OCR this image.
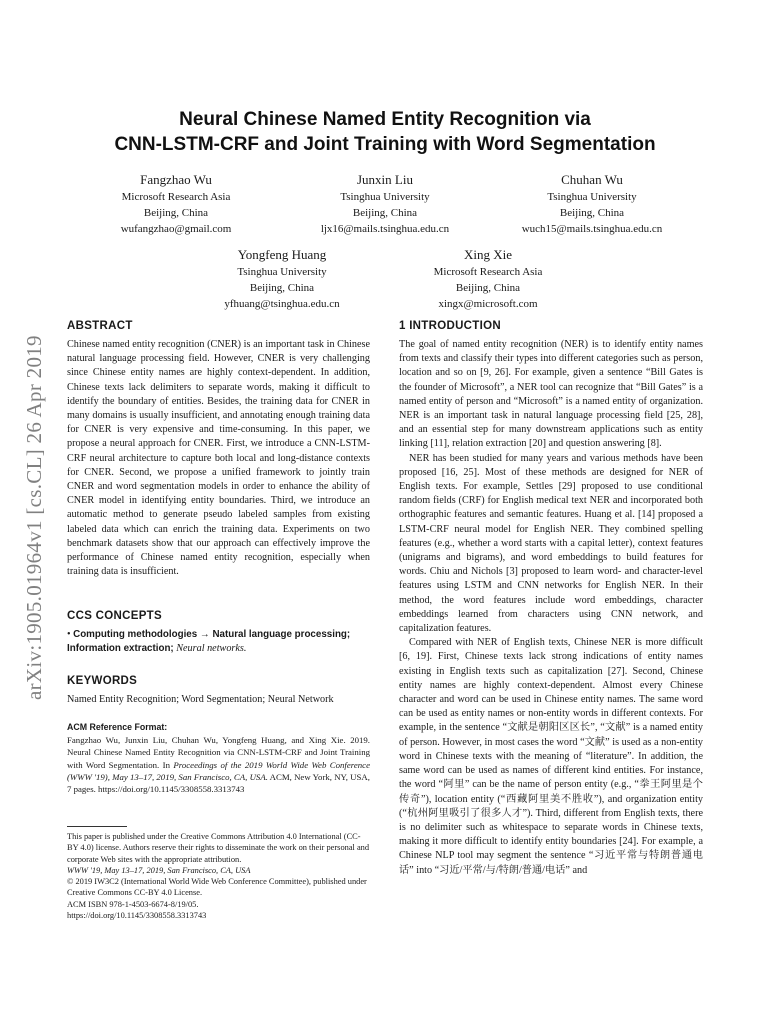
arXiv:1905.01964v1 [cs.CL] 26 Apr 2019
Neural Chinese Named Entity Recognition via
CNN-LSTM-CRF and Joint Training with Word Segmentation
Fangzhao Wu
Microsoft Research Asia
Beijing, China
wufangzhao@gmail.com
Junxin Liu
Tsinghua University
Beijing, China
ljx16@mails.tsinghua.edu.cn
Chuhan Wu
Tsinghua University
Beijing, China
wuch15@mails.tsinghua.edu.cn
Yongfeng Huang
Tsinghua University
Beijing, China
yfhuang@tsinghua.edu.cn
Xing Xie
Microsoft Research Asia
Beijing, China
xingx@microsoft.com
ABSTRACT

Chinese named entity recognition (CNER) is an important task in Chinese natural language processing field. However, CNER is very challenging since Chinese entity names are highly context-dependent. In addition, Chinese texts lack delimiters to separate words, making it difficult to identify the boundary of entities. Besides, the training data for CNER in many domains is usually insufficient, and annotating enough training data for CNER is very expensive and time-consuming. In this paper, we propose a neural approach for CNER. First, we introduce a CNN-LSTM-CRF neural architecture to capture both local and long-distance contexts for CNER. Second, we propose a unified framework to jointly train CNER and word segmentation models in order to enhance the ability of CNER model in identifying entity boundaries. Third, we introduce an automatic method to generate pseudo labeled samples from existing labeled data which can enrich the training data. Experiments on two benchmark datasets show that our approach can effectively improve the performance of Chinese named entity recognition, especially when training data is insufficient.

CCS CONCEPTS

• Computing methodologies → Natural language processing; Information extraction; Neural networks.

KEYWORDS

Named Entity Recognition; Word Segmentation; Neural Network

ACM Reference Format:

Fangzhao Wu, Junxin Liu, Chuhan Wu, Yongfeng Huang, and Xing Xie. 2019. Neural Chinese Named Entity Recognition via CNN-LSTM-CRF and Joint Training with Word Segmentation. In Proceedings of the 2019 World Wide Web Conference (WWW '19), May 13–17, 2019, San Francisco, CA, USA. ACM, New York, NY, USA, 7 pages. https://doi.org/10.1145/3308558.3313743

This paper is published under the Creative Commons Attribution 4.0 International (CC-BY 4.0) license. Authors reserve their rights to disseminate the work on their personal and corporate Web sites with the appropriate attribution.

WWW '19, May 13–17, 2019, San Francisco, CA, USA

© 2019 IW3C2 (International World Wide Web Conference Committee), published under Creative Commons CC-BY 4.0 License.

ACM ISBN 978-1-4503-6674-8/19/05.

https://doi.org/10.1145/3308558.3313743

1 INTRODUCTION

The goal of named entity recognition (NER) is to identify entity names from texts and classify their types into different categories such as person, location and so on [9, 26]. For example, given a sentence “Bill Gates is the founder of Microsoft”, a NER tool can recognize that “Bill Gates” is a named entity of person and “Microsoft” is a named entity of organization. NER is an important task in natural language processing field [25, 28], and an essential step for many downstream applications such as entity linking [11], relation extraction [20] and question answering [8].

NER has been studied for many years and various methods have been proposed [16, 25]. Most of these methods are designed for NER of English texts. For example, Settles [29] proposed to use conditional random fields (CRF) for English medical text NER and incorporated both orthographic features and semantic features. Huang et al. [14] proposed a LSTM-CRF neural model for English NER. They combined spelling features (e.g., whether a word starts with a capital letter), context features (unigrams and bigrams), and word embeddings to build features for words. Chiu and Nichols [3] proposed to learn word- and character-level features using LSTM and CNN networks for English NER. In their method, the word features include word embeddings, character embeddings learned from characters using CNN network, and capitalization features.

Compared with NER of English texts, Chinese NER is more difficult [6, 19]. First, Chinese texts lack strong indications of entity names existing in English texts such as capitalization [27]. Second, Chinese entity names are highly context-dependent. Almost every Chinese character and word can be used in Chinese entity names. The same word can be used as entity names or non-entity words in different contexts. For example, in the sentence “文献是朝阳区区长”, “文献” is a named entity of person. However, in most cases the word “文献” is used as a non-entity word in Chinese texts with the meaning of “literature”. In addition, the same word can be used as names of different kind entities. For instance, the word “阿里” can be the name of person entity (e.g., “拳王阿里是个传奇”), location entity (“西藏阿里美不胜收”), and organization entity (“杭州阿里吸引了很多人才”). Third, different from English texts, there is no delimiter such as whitespace to separate words in Chinese texts, making it more difficult to identify entity boundaries [24]. For example, a Chinese NLP tool may segment the sentence “习近平常与特朗普通电话” into “习近/平常/与/特朗/普通/电话” and
